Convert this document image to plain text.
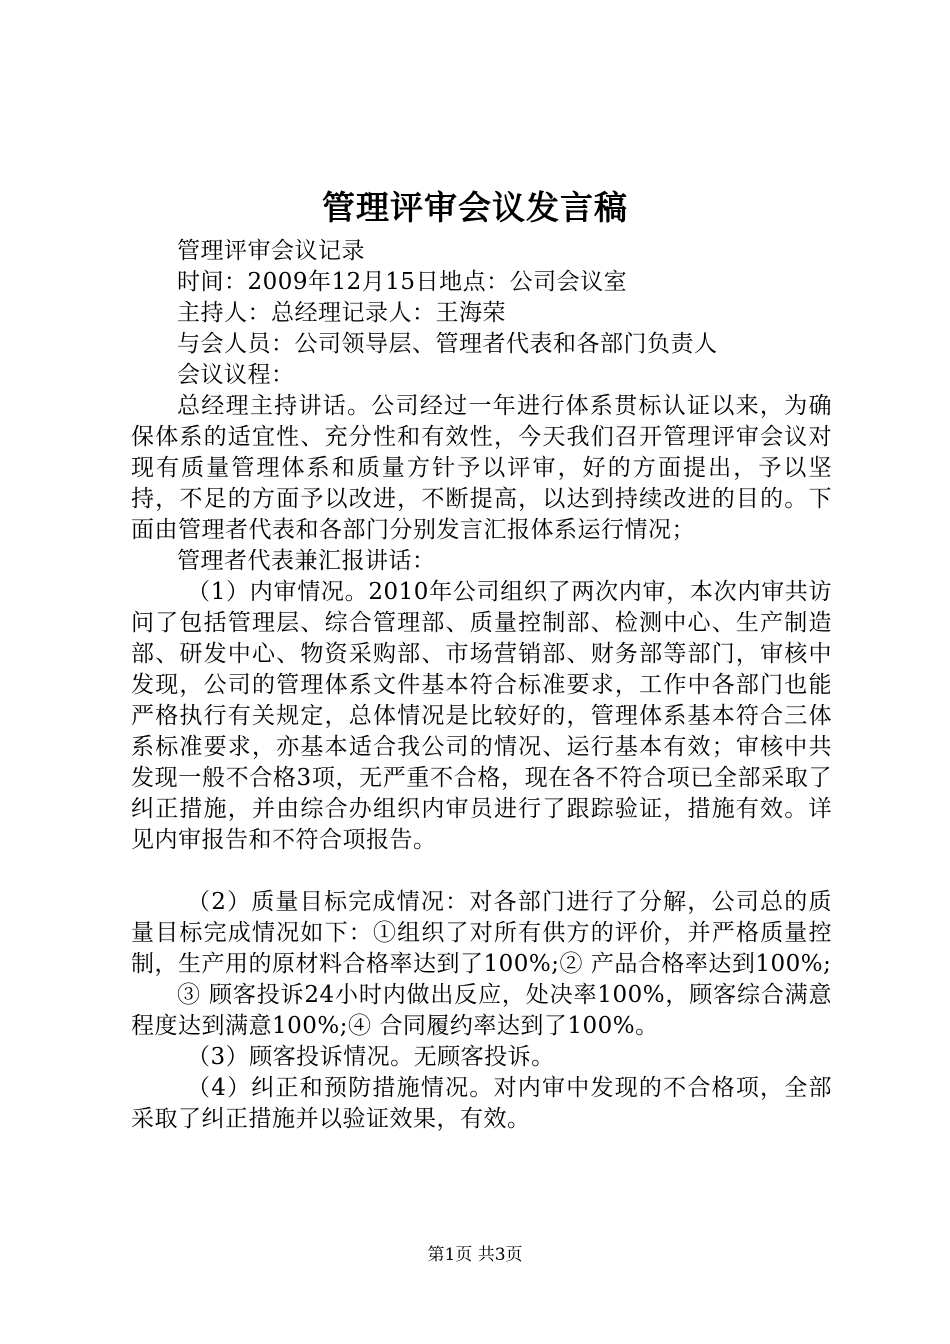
管理评审会议发言稿

管理评审会议记录

时间：2009年12月15日地点：公司会议室

主持人：总经理记录人：王海荣

与会人员：公司领导层、管理者代表和各部门负责人

会议议程：

总经理主持讲话。公司经过一年进行体系贯标认证以来，为确保体系的适宜性、充分性和有效性，今天我们召开管理评审会议对现有质量管理体系和质量方针予以评审，好的方面提出，予以坚持，不足的方面予以改进，不断提高，以达到持续改进的目的。下面由管理者代表和各部门分别发言汇报体系运行情况；

管理者代表兼汇报讲话：

（1）内审情况。2010年公司组织了两次内审，本次内审共访问了包括管理层、综合管理部、质量控制部、检测中心、生产制造部、研发中心、物资采购部、市场营销部、财务部等部门，审核中发现，公司的管理体系文件基本符合标准要求，工作中各部门也能严格执行有关规定，总体情况是比较好的，管理体系基本符合三体系标准要求，亦基本适合我公司的情况、运行基本有效；审核中共发现一般不合格3项，无严重不合格，现在各不符合项已全部采取了纠正措施，并由综合办组织内审员进行了跟踪验证，措施有效。详见内审报告和不符合项报告。

（2）质量目标完成情况：对各部门进行了分解，公司总的质量目标完成情况如下：①组织了对所有供方的评价，并严格质量控制，生产用的原材料合格率达到了100%;② 产品合格率达到100%;

③ 顾客投诉24小时内做出反应，处决率100%，顾客综合满意程度达到满意100%;④ 合同履约率达到了100%。

（3）顾客投诉情况。无顾客投诉。

（4）纠正和预防措施情况。对内审中发现的不合格项，全部采取了纠正措施并以验证效果，有效。

第1页 共3页
